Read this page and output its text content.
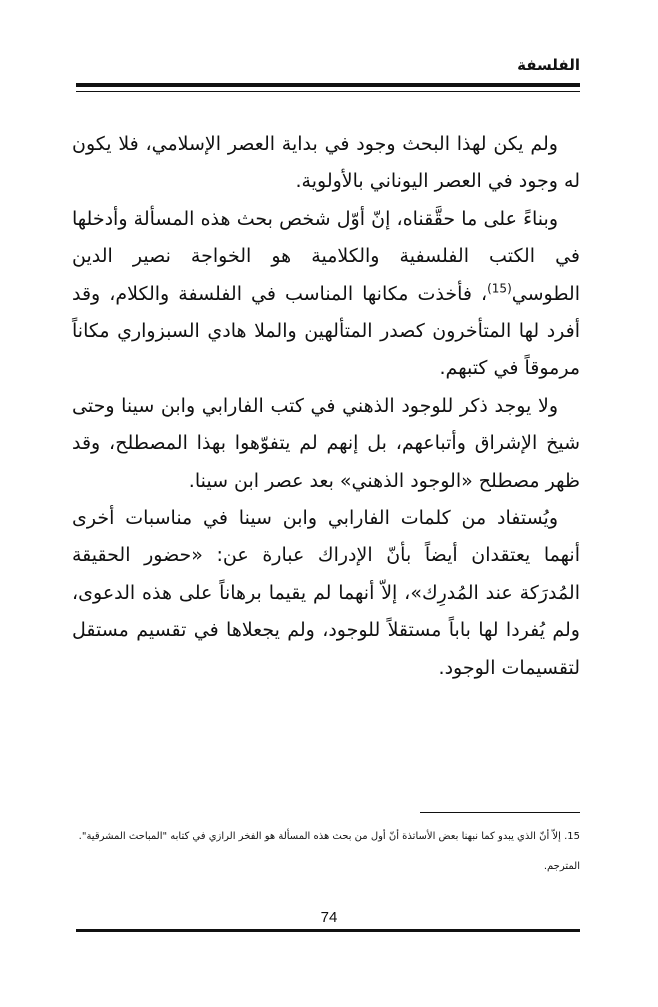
الفلسفة

ولم يكن لهذا البحث وجود في بداية العصر الإسلامي، فلا يكون له وجود في العصر اليوناني بالأولوية.

وبناءً على ما حقَّقناه، إنّ أوّل شخص بحث هذه المسألة وأدخلها في الكتب الفلسفية والكلامية هو الخواجة نصير الدين الطوسي$^{(15)}$، فأخذت مكانها المناسب في الفلسفة والكلام، وقد أفرد لها المتأخرون كصدر المتألهين والملا هادي السبزواري مكاناً مرموقاً في كتبهم.

ولا يوجد ذكر للوجود الذهني في كتب الفارابي وابن سينا وحتى شيخ الإشراق وأتباعهم، بل إنهم لم يتفوّهوا بهذا المصطلح، وقد ظهر مصطلح «الوجود الذهني» بعد عصر ابن سينا.

ويُستفاد من كلمات الفارابي وابن سينا في مناسبات أخرى أنهما يعتقدان أيضاً بأنّ الإدراك عبارة عن: «حضور الحقيقة المُدرَكة عند المُدرِك»، إلاّ أنهما لم يقيما برهاناً على هذه الدعوى، ولم يُفردا لها باباً مستقلاً للوجود، ولم يجعلاها في تقسيم مستقل لتقسيمات الوجود.

15. إلاّ أنّ الذي يبدو كما نبهنا بعض الأساتذة أنّ أول من بحث هذه المسألة هو الفخر الرازي في كتابه "المباحث المشرقية". المترجم.

74
